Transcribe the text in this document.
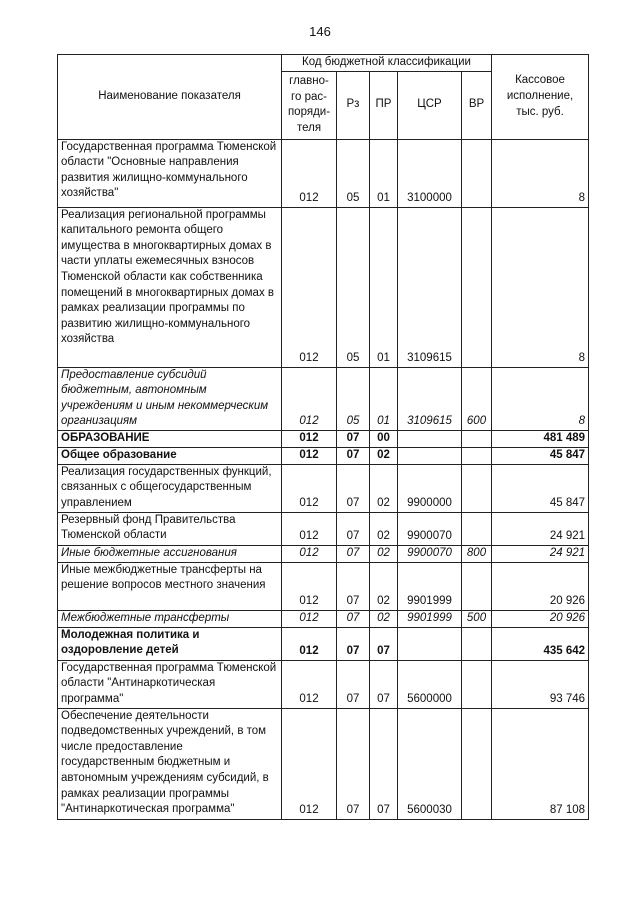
146
Наименование показателя	Код бюджетной классификации					Кассовое исполнение, тыс. руб.
	главно- го рас- поряди- теля	Рз	ПР	ЦСР	ВР	
Государственная программа Тюменской области "Основные направления развития жилищно-коммунального хозяйства"	012	05	01	3100000		8
Реализация региональной программы капитального ремонта общего имущества в многоквартирных домах в части уплаты ежемесячных взносов Тюменской области как собственника помещений в многоквартирных домах в рамках реализации программы по развитию жилищно-коммунального хозяйства	012	05	01	3109615		8
Предоставление субсидий бюджетным, автономным учреждениям и иным некоммерческим организациям	012	05	01	3109615	600	8
ОБРАЗОВАНИЕ	012	07	00			481 489
Общее образование	012	07	02			45 847
Реализация государственных функций, связанных с общегосударственным управлением	012	07	02	9900000		45 847
Резервный фонд Правительства Тюменской области	012	07	02	9900070		24 921
Иные бюджетные ассигнования	012	07	02	9900070	800	24 921
Иные межбюджетные трансферты на решение вопросов местного значения	012	07	02	9901999		20 926
Межбюджетные трансферты	012	07	02	9901999	500	20 926
Молодежная политика и оздоровление детей	012	07	07			435 642
Государственная программа Тюменской области "Антинаркотическая программа"	012	07	07	5600000		93 746
Обеспечение деятельности подведомственных учреждений, в том числе предоставление государственным бюджетным и автономным учреждениям субсидий, в рамках реализации программы "Антинаркотическая программа"	012	07	07	5600030		87 108
